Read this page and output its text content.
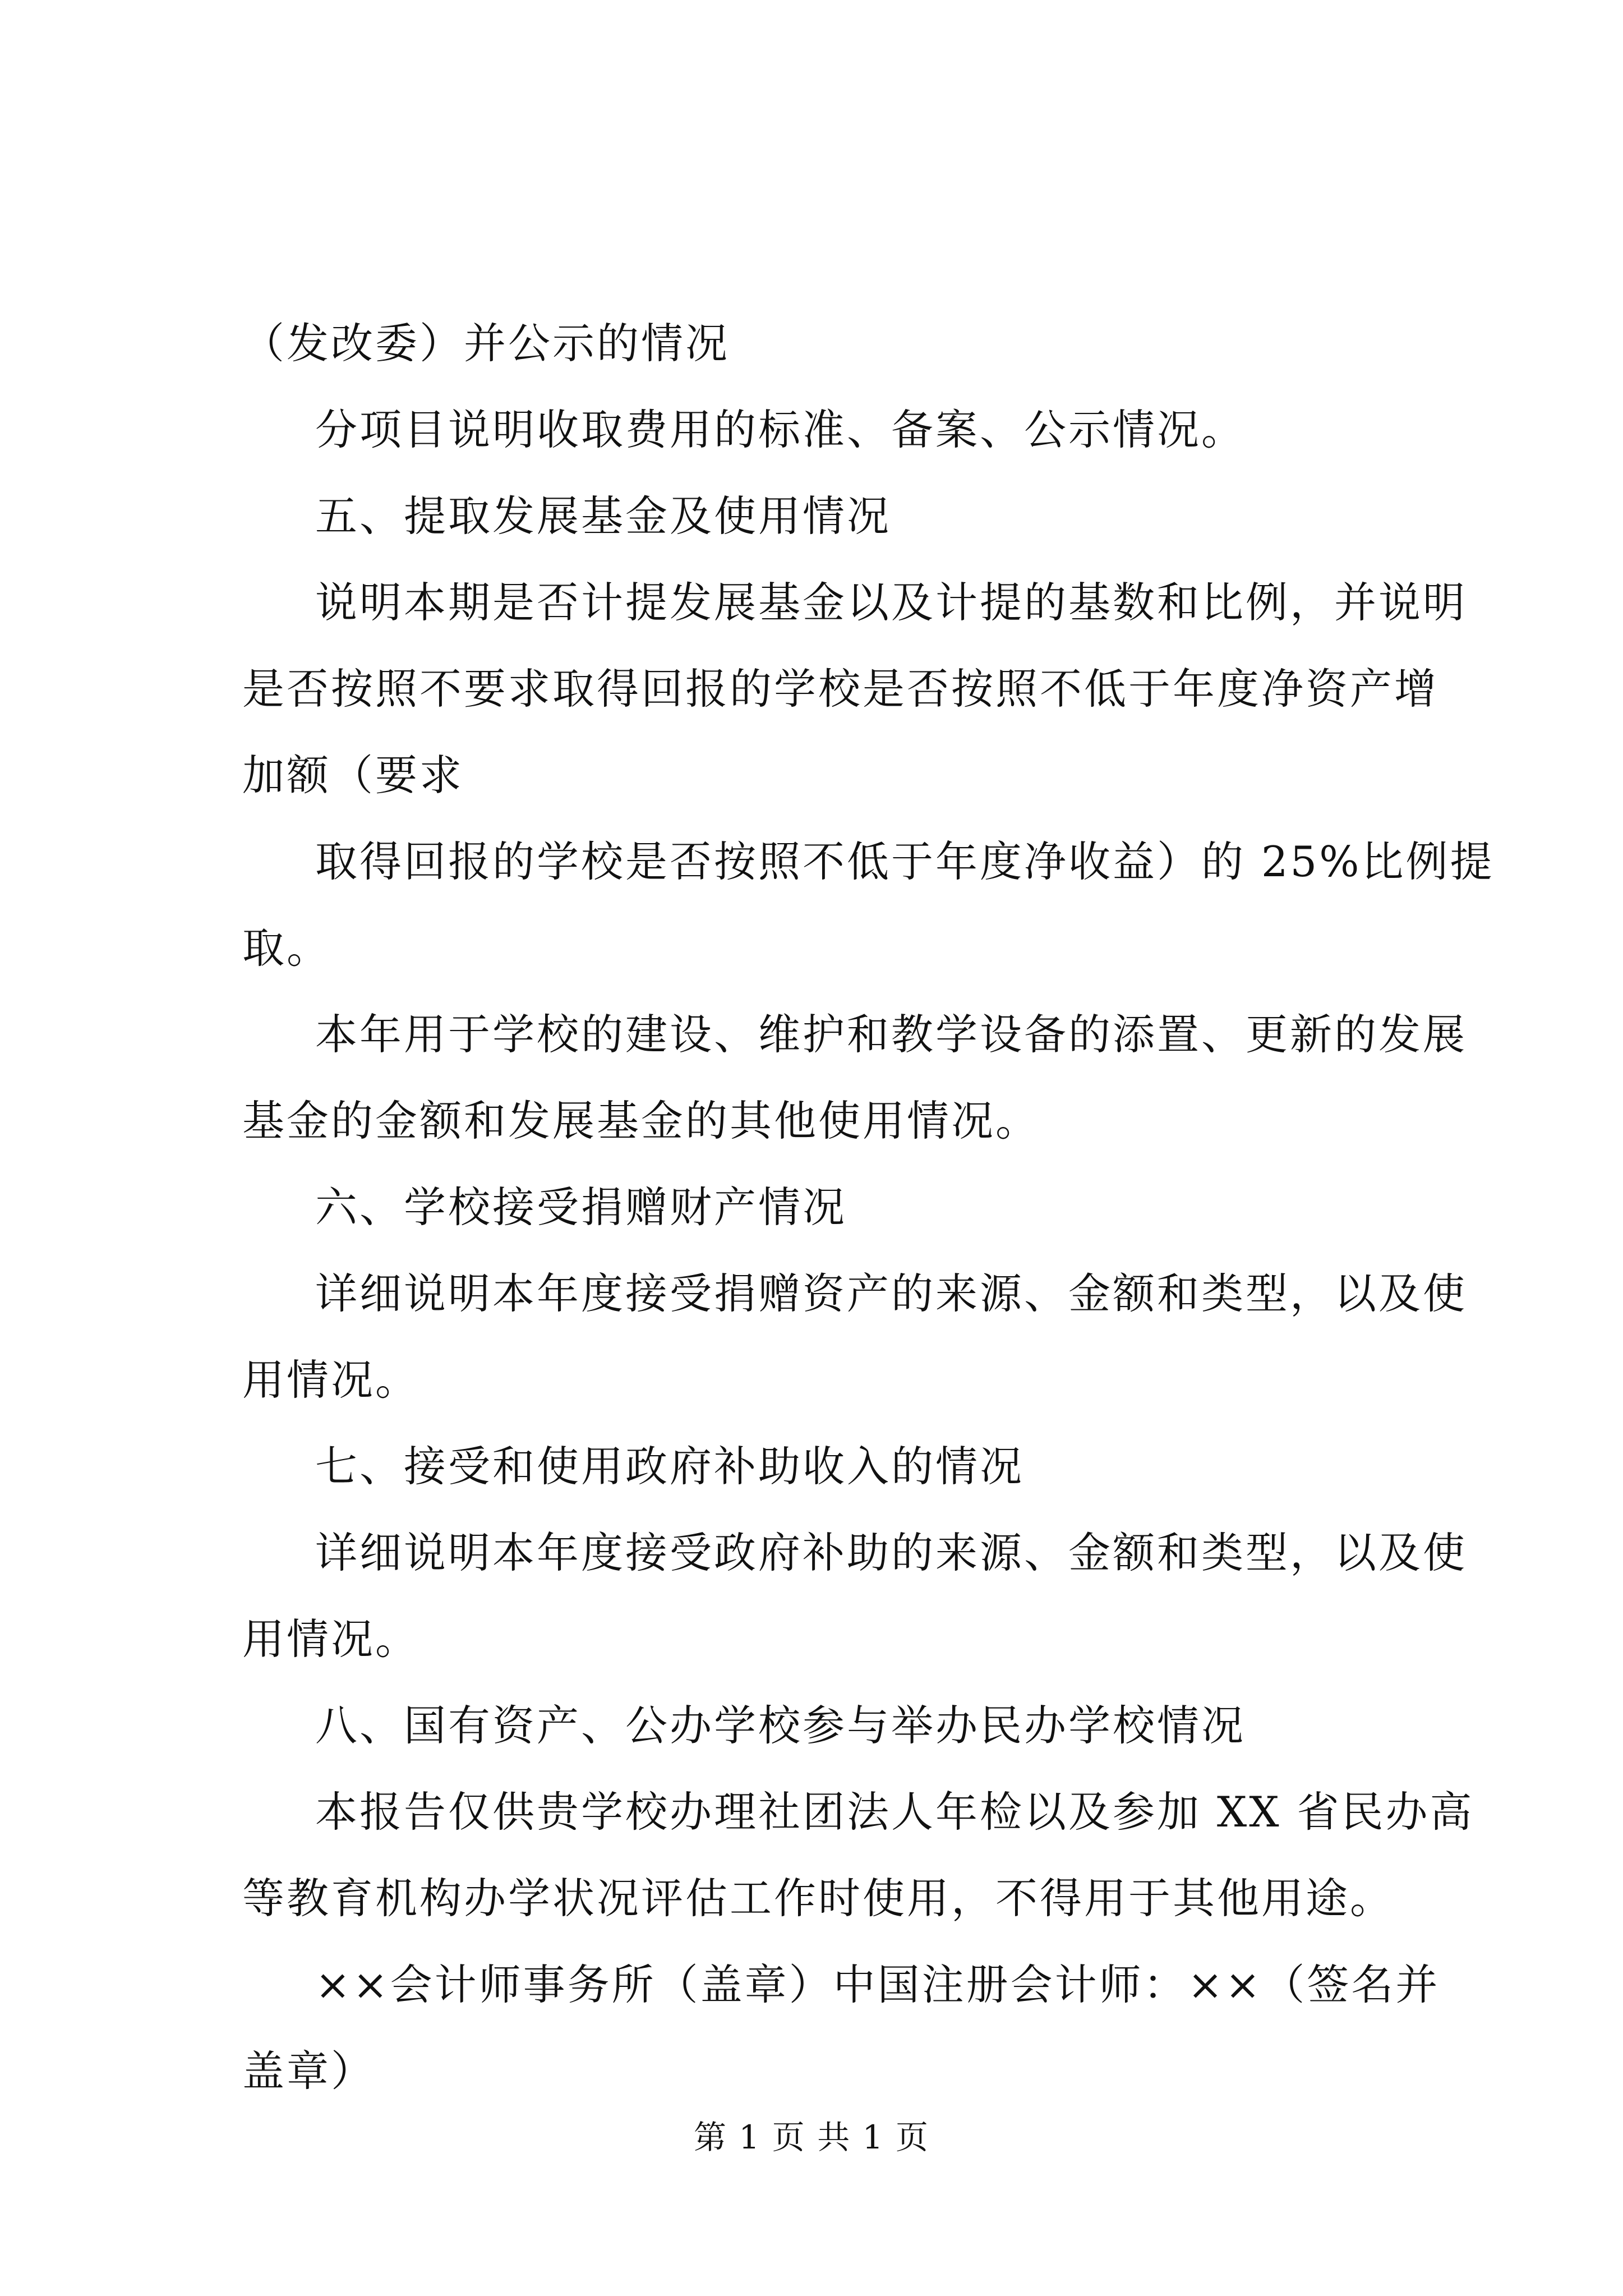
（发改委）并公示的情况
分项目说明收取费用的标准、备案、公示情况。
五、提取发展基金及使用情况
说明本期是否计提发展基金以及计提的基数和比例，并说明
是否按照不要求取得回报的学校是否按照不低于年度净资产增
加额（要求
取得回报的学校是否按照不低于年度净收益）的 25%比例提
取。
本年用于学校的建设、维护和教学设备的添置、更新的发展
基金的金额和发展基金的其他使用情况。
六、学校接受捐赠财产情况
详细说明本年度接受捐赠资产的来源、金额和类型，以及使
用情况。
七、接受和使用政府补助收入的情况
详细说明本年度接受政府补助的来源、金额和类型，以及使
用情况。
八、国有资产、公办学校参与举办民办学校情况
本报告仅供贵学校办理社团法人年检以及参加 XX 省民办高
等教育机构办学状况评估工作时使用，不得用于其他用途。
××会计师事务所（盖章）中国注册会计师：××（签名并
盖章）
第 1 页 共 1 页
